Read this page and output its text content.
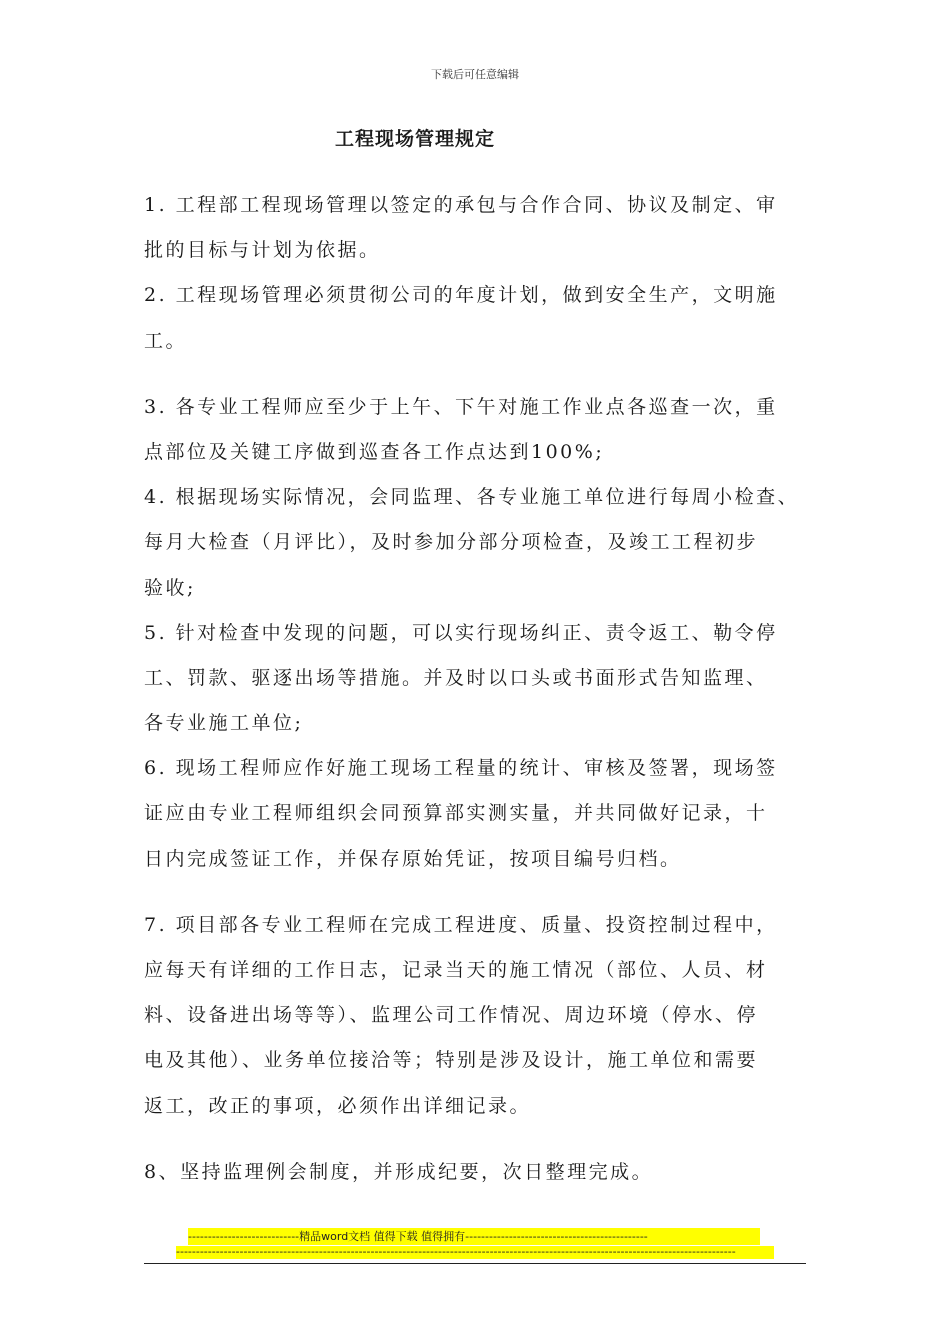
下载后可任意编辑
工程现场管理规定

1. 工程部工程现场管理以签定的承包与合作合同、协议及制定、审

批的目标与计划为依据。

2. 工程现场管理必须贯彻公司的年度计划，做到安全生产，文明施

工。

3. 各专业工程师应至少于上午、下午对施工作业点各巡查一次，重

点部位及关键工序做到巡查各工作点达到100%;

4. 根据现场实际情况，会同监理、各专业施工单位进行每周小检查、

每月大检查（月评比），及时参加分部分项检查，及竣工工程初步

验收;

5. 针对检查中发现的问题，可以实行现场纠正、责令返工、勒令停

工、罚款、驱逐出场等措施。并及时以口头或书面形式告知监理、

各专业施工单位;

6. 现场工程师应作好施工现场工程量的统计、审核及签署，现场签

证应由专业工程师组织会同预算部实测实量，并共同做好记录，十

日内完成签证工作，并保存原始凭证，按项目编号归档。

7. 项目部各专业工程师在完成工程进度、质量、投资控制过程中，

应每天有详细的工作日志，记录当天的施工情况（部位、人员、材

料、设备进出场等等）、监理公司工作情况、周边环境（停水、停

电及其他）、业务单位接洽等；特别是涉及设计，施工单位和需要

返工，改正的事项，必须作出详细记录。

8、坚持监理例会制度，并形成纪要，次日整理完成。

----------------------------精品word文档 值得下载 值得拥有----------------------------------------------
---------------------------------------------------------------------------------------------------------------------------------------------
